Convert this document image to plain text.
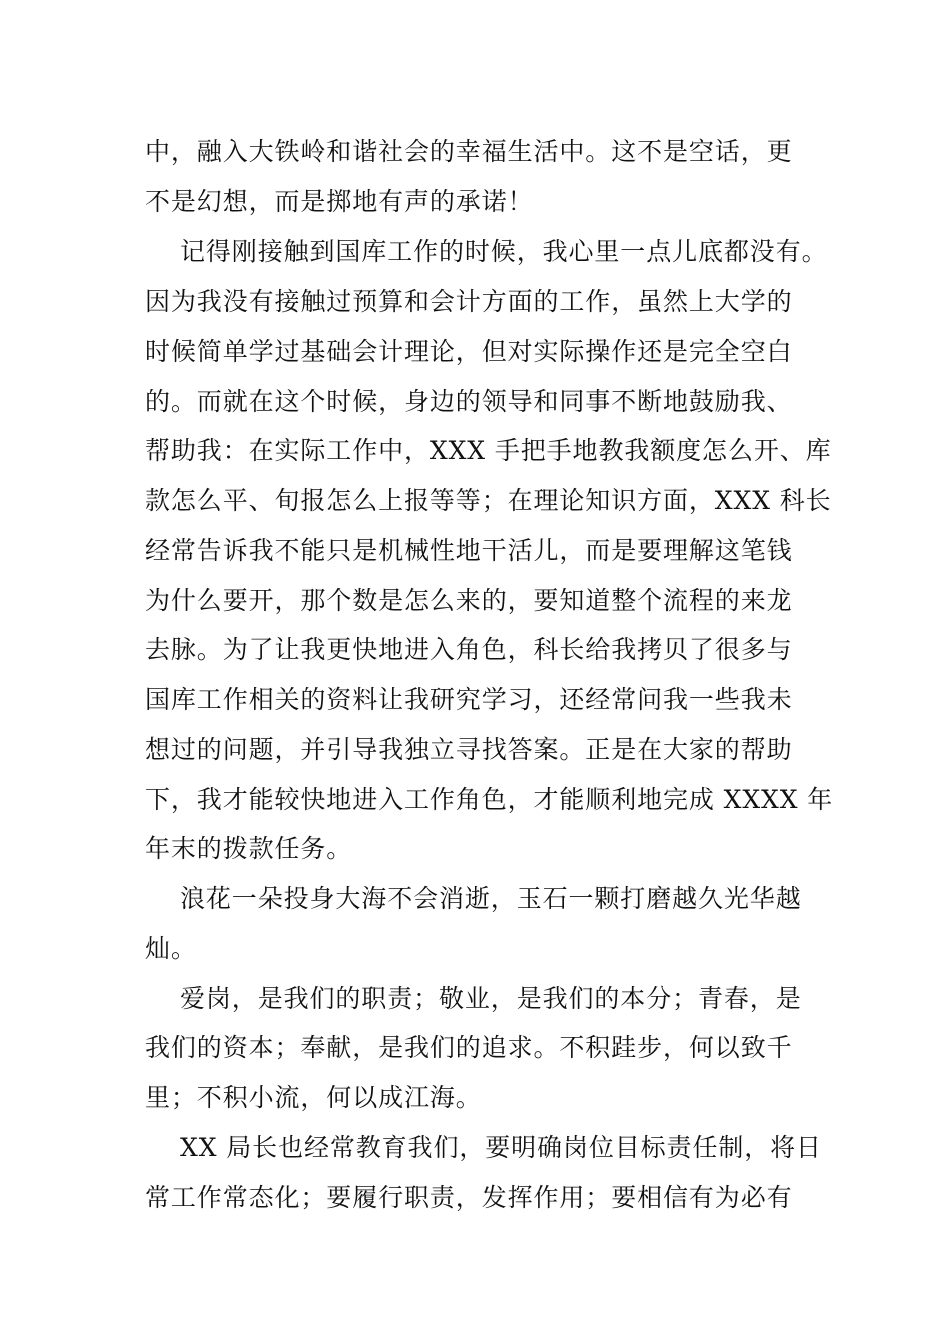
中，融入大铁岭和谐社会的幸福生活中。这不是空话，更
不是幻想，而是掷地有声的承诺！
记得刚接触到国库工作的时候，我心里一点儿底都没有。
因为我没有接触过预算和会计方面的工作，虽然上大学的
时候简单学过基础会计理论，但对实际操作还是完全空白
的。而就在这个时候，身边的领导和同事不断地鼓励我、
帮助我：在实际工作中，XXX 手把手地教我额度怎么开、库
款怎么平、旬报怎么上报等等；在理论知识方面，XXX 科长
经常告诉我不能只是机械性地干活儿，而是要理解这笔钱
为什么要开，那个数是怎么来的，要知道整个流程的来龙
去脉。为了让我更快地进入角色，科长给我拷贝了很多与
国库工作相关的资料让我研究学习，还经常问我一些我未
想过的问题，并引导我独立寻找答案。正是在大家的帮助
下，我才能较快地进入工作角色，才能顺利地完成 XXXX 年
年末的拨款任务。
浪花一朵投身大海不会消逝，玉石一颗打磨越久光华越
灿。
爱岗，是我们的职责；敬业，是我们的本分；青春，是
我们的资本；奉献，是我们的追求。不积跬步，何以致千
里；不积小流，何以成江海。
XX 局长也经常教育我们，要明确岗位目标责任制，将日
常工作常态化；要履行职责，发挥作用；要相信有为必有
